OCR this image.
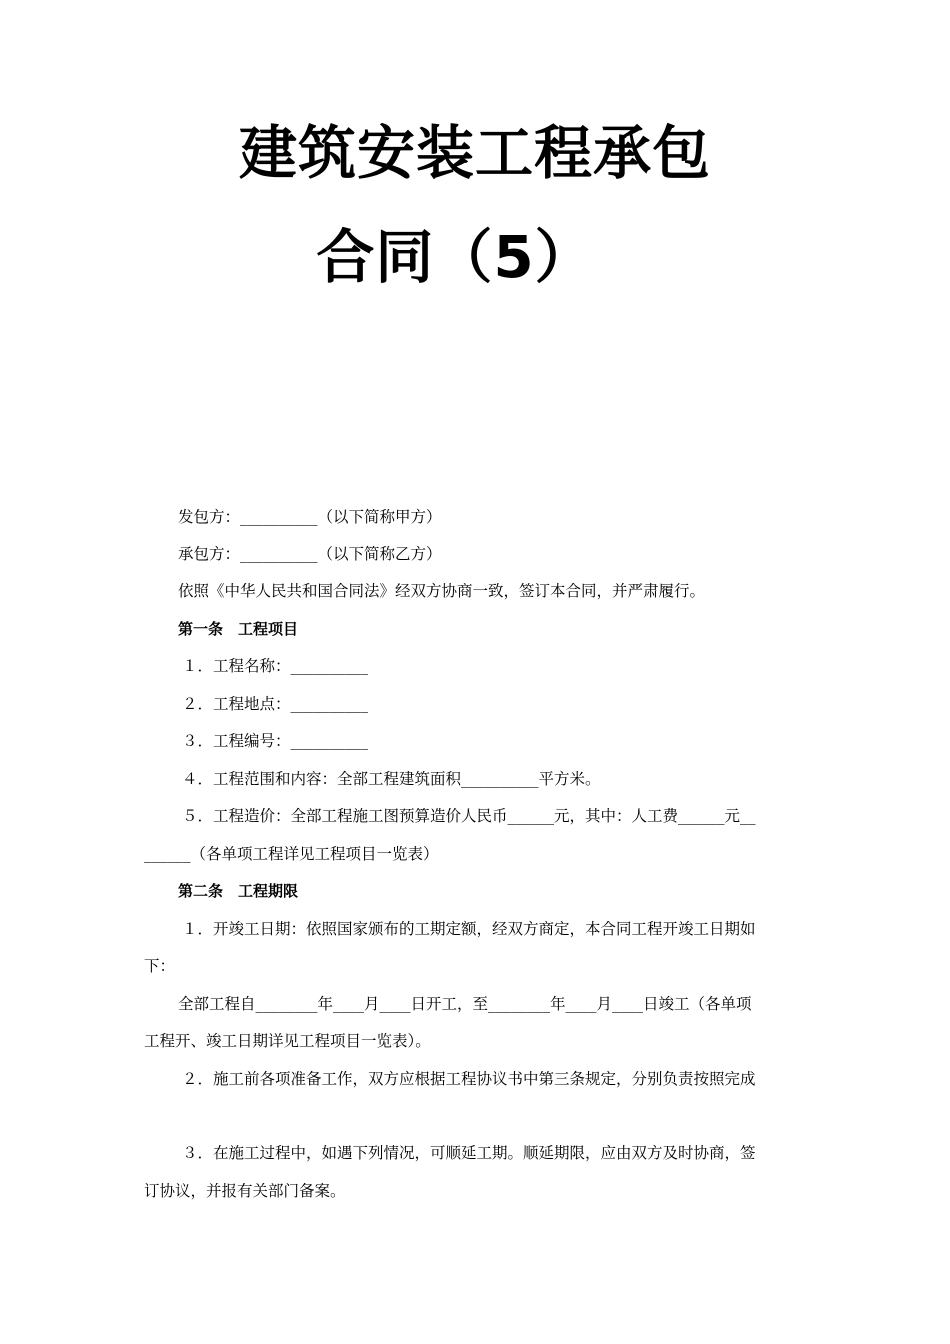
建筑安装工程承包
合同（5）
发包方：__________（以下简称甲方）
承包方：__________（以下简称乙方）
依照《中华人民共和国合同法》经双方协商一致，签订本合同，并严肃履行。
第一条　工程项目
１．工程名称：__________
２．工程地点：__________
３．工程编号：__________
４．工程范围和内容：全部工程建筑面积__________平方米。
５．工程造价：全部工程施工图预算造价人民币______元，其中：人工费______元__
______（各单项工程详见工程项目一览表）
第二条　工程期限
１．开竣工日期：依照国家颁布的工期定额，经双方商定，本合同工程开竣工日期如
下：
全部工程自________年____月____日开工，至________年____月____日竣工（各单项
工程开、竣工日期详见工程项目一览表）。
２．施工前各项准备工作，双方应根据工程协议书中第三条规定，分别负责按照完成
３．在施工过程中，如遇下列情况，可顺延工期。顺延期限，应由双方及时协商，签
订协议，并报有关部门备案。
